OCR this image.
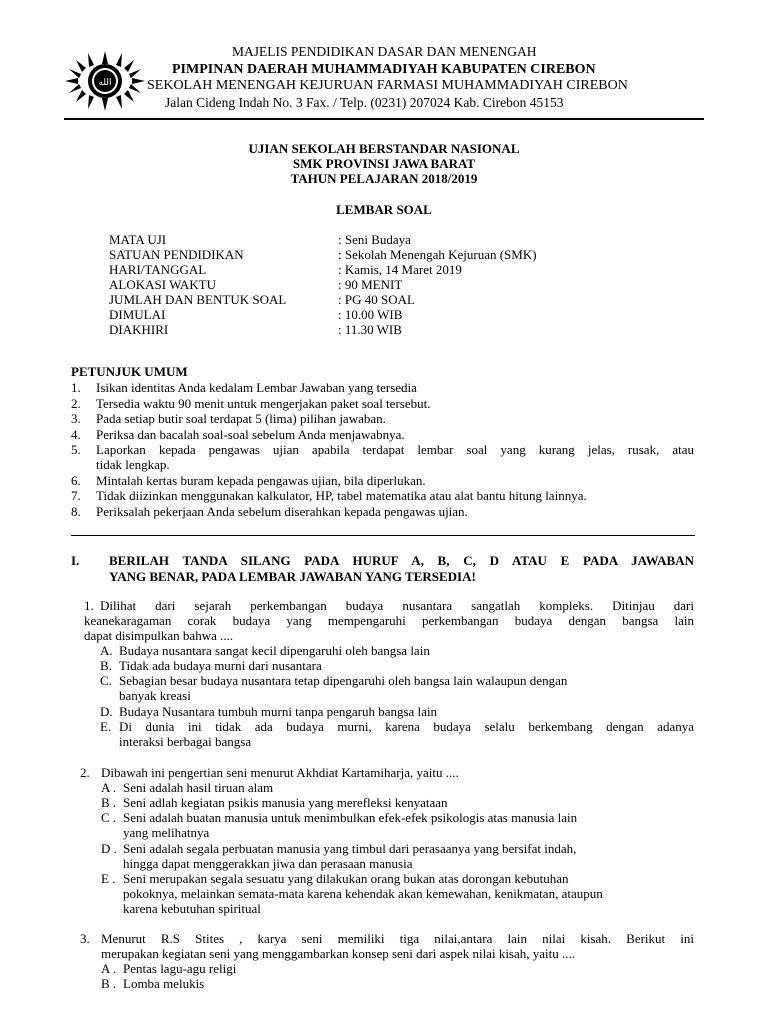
الله
MAJELIS PENDIDIKAN DASAR DAN MENENGAH
PIMPINAN DAERAH MUHAMMADIYAH KABUPATEN CIREBON
SEKOLAH MENENGAH KEJURUAN FARMASI MUHAMMADIYAH CIREBON
Jalan Cideng Indah No. 3 Fax. / Telp. (0231) 207024 Kab. Cirebon 45153
UJIAN SEKOLAH BERSTANDAR NASIONAL
SMK PROVINSI JAWA BARAT
TAHUN PELAJARAN 2018/2019
LEMBAR SOAL
MATA UJI	: Seni Budaya
SATUAN PENDIDIKAN	: Sekolah Menengah Kejuruan (SMK)
HARI/TANGGAL	: Kamis, 14 Maret 2019
ALOKASI WAKTU	: 90 MENIT
JUMLAH DAN BENTUK SOAL	: PG 40 SOAL
DIMULAI	: 10.00 WIB
DIAKHIRI	: 11.30 WIB
PETUNJUK UMUM
1. Isikan identitas Anda kedalam Lembar Jawaban yang tersedia
2. Tersedia waktu 90 menit untuk mengerjakan paket soal tersebut.
3. Pada setiap butir soal terdapat 5 (lima) pilihan jawaban.
4. Periksa dan bacalah soal-soal sebelum Anda menjawabnya.
5. Laporkan kepada pengawas ujian apabila terdapat lembar soal yang kurang jelas, rusak, atau
tidak lengkap.
6. Mintalah kertas buram kepada pengawas ujian, bila diperlukan.
7. Tidak diizinkan menggunakan kalkulator, HP, tabel matematika atau alat bantu hitung lainnya.
8. Periksalah pekerjaan Anda sebelum diserahkan kepada pengawas ujian.
I. BERILAH TANDA SILANG PADA HURUF A, B, C, D ATAU E PADA JAWABAN
YANG BENAR, PADA LEMBAR JAWABAN YANG TERSEDIA!
1. Dilihat dari sejarah perkembangan budaya nusantara sangatlah kompleks. Ditinjau dari
keanekaragaman corak budaya yang mempengaruhi perkembangan budaya dengan bangsa lain
dapat disimpulkan bahwa ....
A. Budaya nusantara sangat kecil dipengaruhi oleh bangsa lain
B. Tidak ada budaya murni dari nusantara
C. Sebagian besar budaya nusantara tetap dipengaruhi oleh bangsa lain walaupun dengan
banyak kreasi
D. Budaya Nusantara tumbuh murni tanpa pengaruh bangsa lain
E. Di dunia ini tidak ada budaya murni, karena budaya selalu berkembang dengan adanya
interaksi berbagai bangsa
2. Dibawah ini pengertian seni menurut Akhdiat Kartamiharja, yaitu ....
A . Seni adalah hasil tiruan alam
B . Seni adlah kegiatan psikis manusia yang merefleksi kenyataan
C . Seni adalah buatan manusia untuk menimbulkan efek-efek psikologis atas manusia lain
yang melihatnya
D . Seni adalah segala perbuatan manusia yang timbul dari perasaanya yang bersifat indah,
hingga dapat menggerakkan jiwa dan perasaan manusia
E . Seni merupakan segala sesuatu yang dilakukan orang bukan atas dorongan kebutuhan
pokoknya, melainkan semata-mata karena kehendak akan kemewahan, kenikmatan, ataupun
karena kebutuhan spiritual
3. Menurut R.S Stites , karya seni memiliki tiga nilai,antara lain nilai kisah. Berikut ini
merupakan kegiatan seni yang menggambarkan konsep seni dari aspek nilai kisah, yaitu ....
A . Pentas lagu-agu religi
B . Lomba melukis
